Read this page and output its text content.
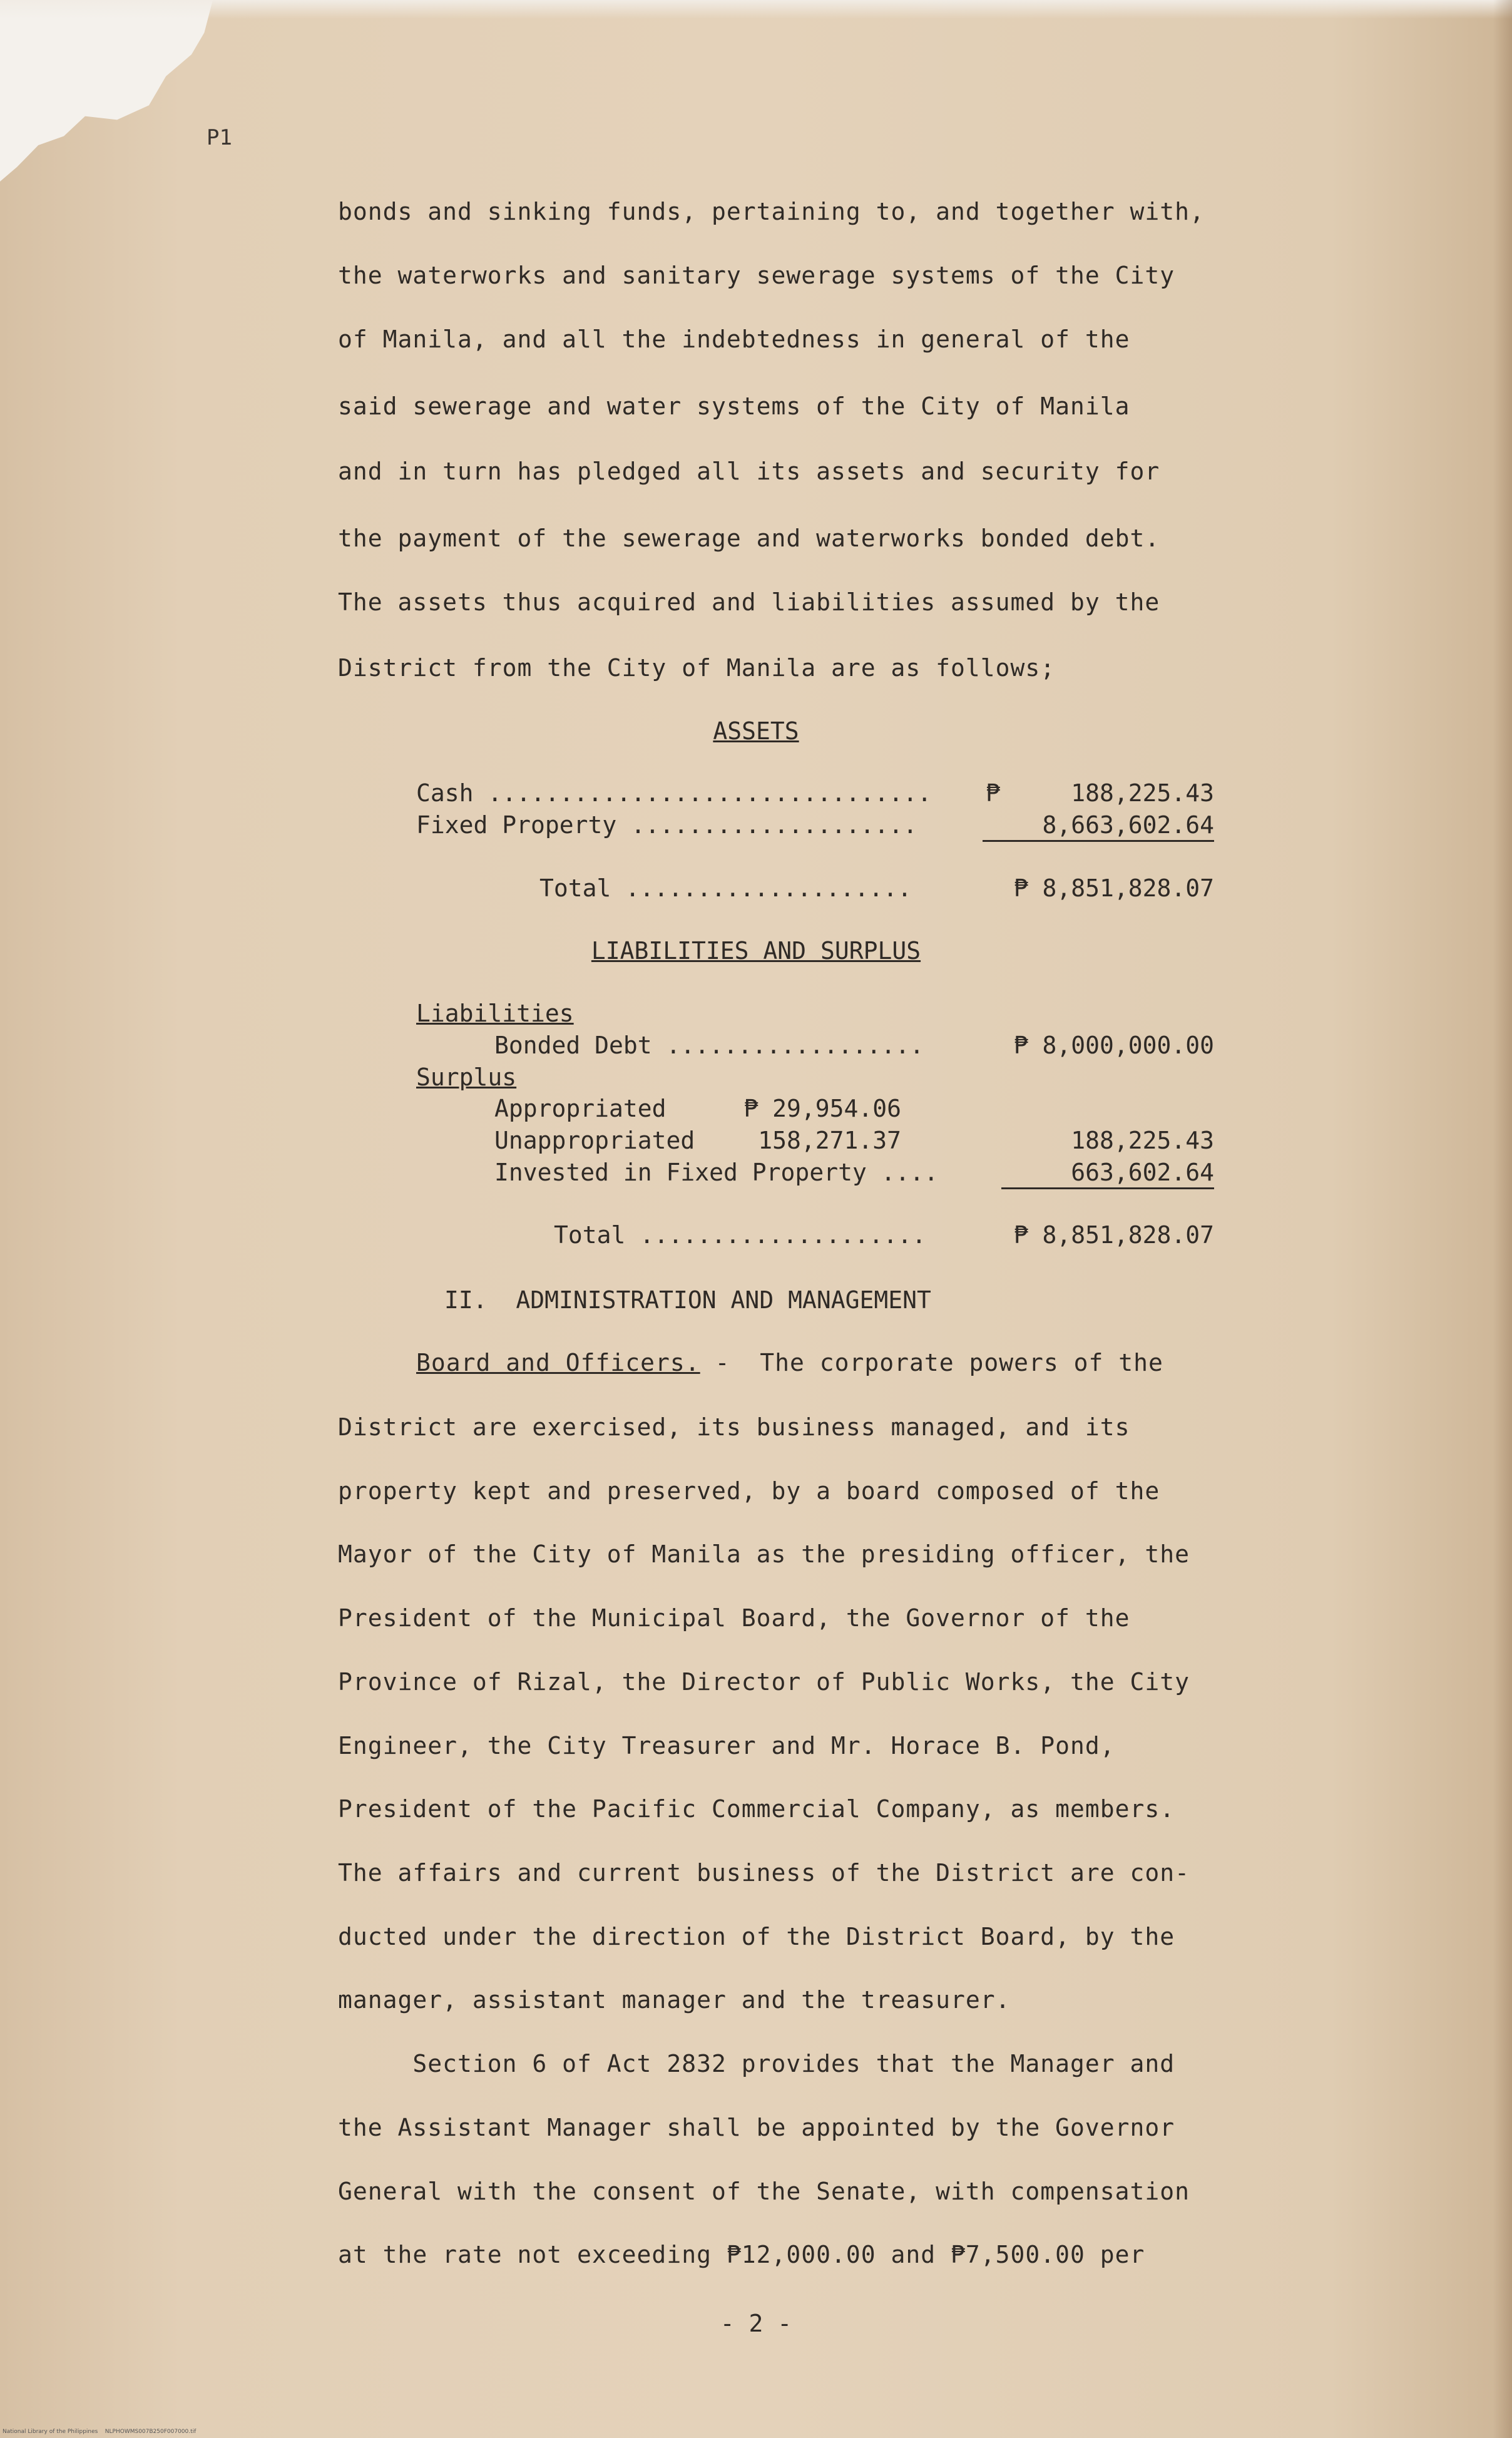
P1
bonds and sinking funds, pertaining to, and together with,
the waterworks and sanitary sewerage systems of the City
of Manila, and all the indebtedness in general of the
said sewerage and water systems of the City of Manila
and in turn has pledged all its assets and security for
the payment of the sewerage and waterworks bonded debt.
The assets thus acquired and liabilities assumed by the
District from the City of Manila are as follows;
ASSETS
Cash ............................... ₱	188,225.43
Fixed Property ....................	8,663,602.64
Total ....................	₱ 8,851,828.07
LIABILITIES AND SURPLUS
Liabilities
Bonded Debt ..................	₱ 8,000,000.00
Surplus
Appropriated	₱ 29,954.06
Unappropriated	158,271.37	188,225.43
Invested in Fixed Property ....	663,602.64
Total ....................	₱ 8,851,828.07
II.  ADMINISTRATION AND MANAGEMENT
Board and Officers. -  The corporate powers of the
District are exercised, its business managed, and its
property kept and preserved, by a board composed of the
Mayor of the City of Manila as the presiding officer, the
President of the Municipal Board, the Governor of the
Province of Rizal, the Director of Public Works, the City
Engineer, the City Treasurer and Mr. Horace B. Pond,
President of the Pacific Commercial Company, as members.
The affairs and current business of the District are con-
ducted under the direction of the District Board, by the
manager, assistant manager and the treasurer.
Section 6 of Act 2832 provides that the Manager and
the Assistant Manager shall be appointed by the Governor
General with the consent of the Senate, with compensation
at the rate not exceeding ₱12,000.00 and ₱7,500.00 per
- 2 -
National Library of the Philippines    NLPHOWMS007B250F007000.tif
